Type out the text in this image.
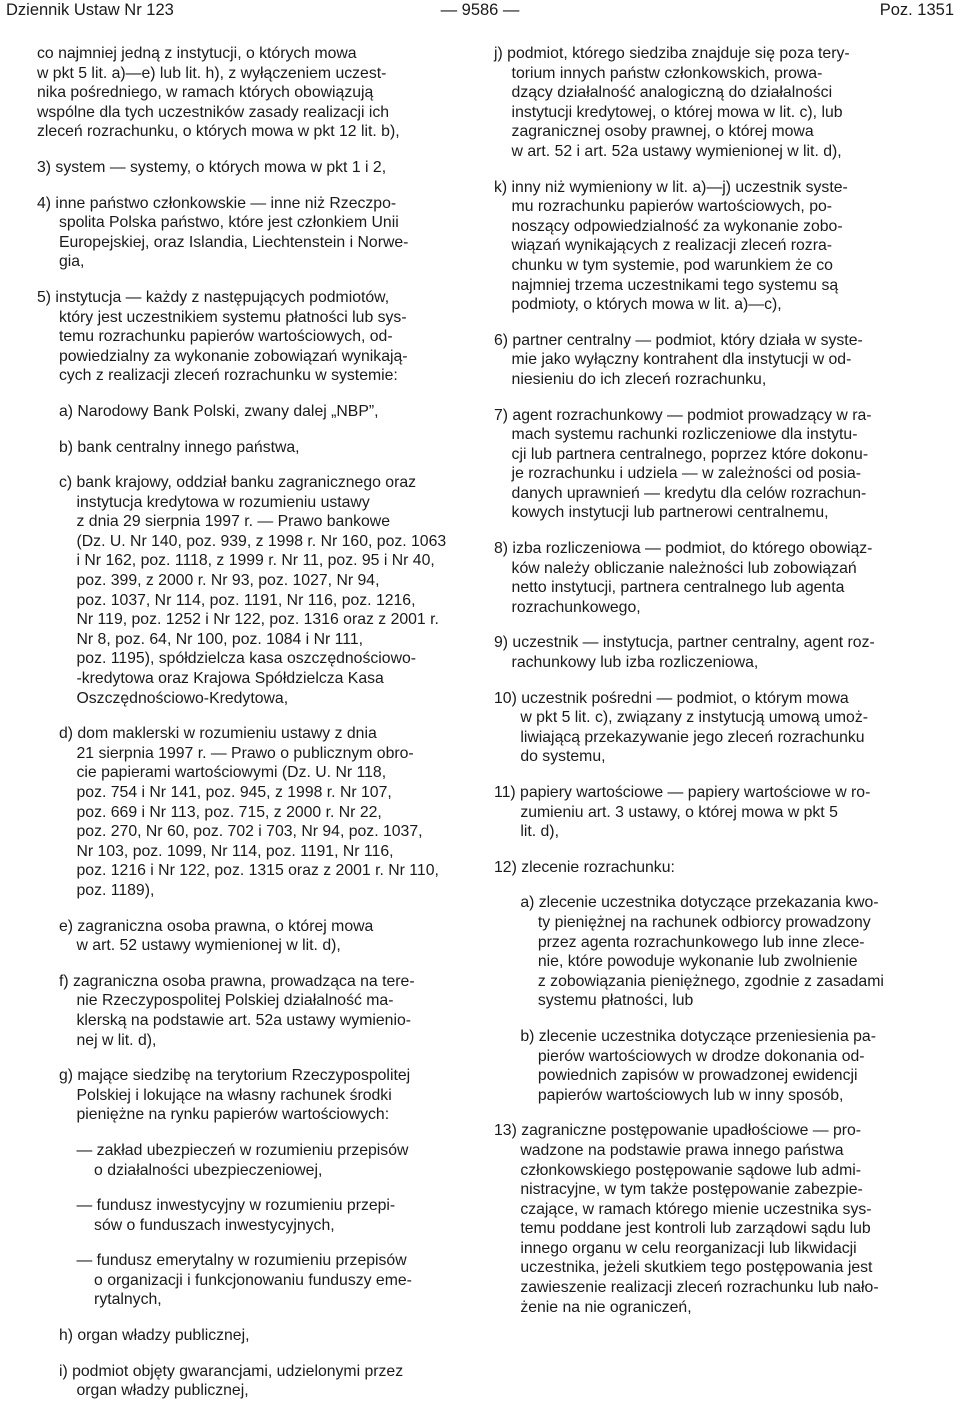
Dziennik Ustaw Nr 123	— 9586 —	Poz. 1351
co najmniej jedną z instytucji, o których mowa
w pkt 5 lit. a)—e) lub lit. h), z wyłączeniem uczest-
nika pośredniego, w ramach których obowiązują
wspólne dla tych uczestników zasady realizacji ich
zleceń rozrachunku, o których mowa w pkt 12 lit. b),
3) system — systemy, o których mowa w pkt 1 i 2,
4) inne państwo członkowskie — inne niż Rzeczpo-
spolita Polska państwo, które jest członkiem Unii
Europejskiej, oraz Islandia, Liechtenstein i Norwe-
gia,
5) instytucja — każdy z następujących podmiotów,
który jest uczestnikiem systemu płatności lub sys-
temu rozrachunku papierów wartościowych, od-
powiedzialny za wykonanie zobowiązań wynikają-
cych z realizacji zleceń rozrachunku w systemie:
a) Narodowy Bank Polski, zwany dalej „NBP”,
b) bank centralny innego państwa,
c) bank krajowy, oddział banku zagranicznego oraz
instytucja kredytowa w rozumieniu ustawy
z dnia 29 sierpnia 1997 r. — Prawo bankowe
(Dz. U. Nr 140, poz. 939, z 1998 r. Nr 160, poz. 1063
i Nr 162, poz. 1118, z 1999 r. Nr 11, poz. 95 i Nr 40,
poz. 399, z 2000 r. Nr 93, poz. 1027, Nr 94,
poz. 1037, Nr 114, poz. 1191, Nr 116, poz. 1216,
Nr 119, poz. 1252 i Nr 122, poz. 1316 oraz z 2001 r.
Nr 8, poz. 64, Nr 100, poz. 1084 i Nr 111,
poz. 1195), spółdzielcza kasa oszczędnościowo-
-kredytowa oraz Krajowa Spółdzielcza Kasa
Oszczędnościowo-Kredytowa,
d) dom maklerski w rozumieniu ustawy z dnia
21 sierpnia 1997 r. — Prawo o publicznym obro-
cie papierami wartościowymi (Dz. U. Nr 118,
poz. 754 i Nr 141, poz. 945, z 1998 r. Nr 107,
poz. 669 i Nr 113, poz. 715, z 2000 r. Nr 22,
poz. 270, Nr 60, poz. 702 i 703, Nr 94, poz. 1037,
Nr 103, poz. 1099, Nr 114, poz. 1191, Nr 116,
poz. 1216 i Nr 122, poz. 1315 oraz z 2001 r. Nr 110,
poz. 1189),
e) zagraniczna osoba prawna, o której mowa
w art. 52 ustawy wymienionej w lit. d),
f) zagraniczna osoba prawna, prowadząca na tere-
nie Rzeczypospolitej Polskiej działalność ma-
klerską na podstawie art. 52a ustawy wymienio-
nej w lit. d),
g) mające siedzibę na terytorium Rzeczypospolitej
Polskiej i lokujące na własny rachunek środki
pieniężne na rynku papierów wartościowych:
— zakład ubezpieczeń w rozumieniu przepisów
o działalności ubezpieczeniowej,
— fundusz inwestycyjny w rozumieniu przepi-
sów o funduszach inwestycyjnych,
— fundusz emerytalny w rozumieniu przepisów
o organizacji i funkcjonowaniu funduszy eme-
rytalnych,
h) organ władzy publicznej,
i) podmiot objęty gwarancjami, udzielonymi przez
organ władzy publicznej,
j) podmiot, którego siedziba znajduje się poza tery-
torium innych państw członkowskich, prowa-
dzący działalność analogiczną do działalności
instytucji kredytowej, o której mowa w lit. c), lub
zagranicznej osoby prawnej, o której mowa
w art. 52 i art. 52a ustawy wymienionej w lit. d),
k) inny niż wymieniony w lit. a)—j) uczestnik syste-
mu rozrachunku papierów wartościowych, po-
noszący odpowiedzialność za wykonanie zobo-
wiązań wynikających z realizacji zleceń rozra-
chunku w tym systemie, pod warunkiem że co
najmniej trzema uczestnikami tego systemu są
podmioty, o których mowa w lit. a)—c),
6) partner centralny — podmiot, który działa w syste-
mie jako wyłączny kontrahent dla instytucji w od-
niesieniu do ich zleceń rozrachunku,
7) agent rozrachunkowy — podmiot prowadzący w ra-
mach systemu rachunki rozliczeniowe dla instytu-
cji lub partnera centralnego, poprzez które dokonu-
je rozrachunku i udziela — w zależności od posia-
danych uprawnień — kredytu dla celów rozrachun-
kowych instytucji lub partnerowi centralnemu,
8) izba rozliczeniowa — podmiot, do którego obowiąz-
ków należy obliczanie należności lub zobowiązań
netto instytucji, partnera centralnego lub agenta
rozrachunkowego,
9) uczestnik — instytucja, partner centralny, agent roz-
rachunkowy lub izba rozliczeniowa,
10) uczestnik pośredni — podmiot, o którym mowa
w pkt 5 lit. c), związany z instytucją umową umoż-
liwiającą przekazywanie jego zleceń rozrachunku
do systemu,
11) papiery wartościowe — papiery wartościowe w ro-
zumieniu art. 3 ustawy, o której mowa w pkt 5
lit. d),
12) zlecenie rozrachunku:
a) zlecenie uczestnika dotyczące przekazania kwo-
ty pieniężnej na rachunek odbiorcy prowadzony
przez agenta rozrachunkowego lub inne zlece-
nie, które powoduje wykonanie lub zwolnienie
z zobowiązania pieniężnego, zgodnie z zasadami
systemu płatności, lub
b) zlecenie uczestnika dotyczące przeniesienia pa-
pierów wartościowych w drodze dokonania od-
powiednich zapisów w prowadzonej ewidencji
papierów wartościowych lub w inny sposób,
13) zagraniczne postępowanie upadłościowe — pro-
wadzone na podstawie prawa innego państwa
członkowskiego postępowanie sądowe lub admi-
nistracyjne, w tym także postępowanie zabezpie-
czające, w ramach którego mienie uczestnika sys-
temu poddane jest kontroli lub zarządowi sądu lub
innego organu w celu reorganizacji lub likwidacji
uczestnika, jeżeli skutkiem tego postępowania jest
zawieszenie realizacji zleceń rozrachunku lub nało-
żenie na nie ograniczeń,
